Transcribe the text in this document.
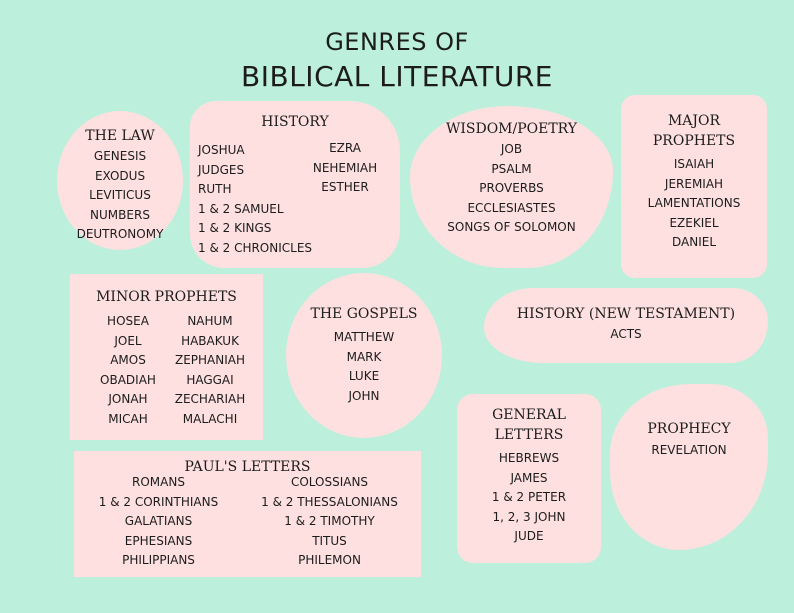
GENRES OF
BIBLICAL LITERATURE
THE LAW
GENESIS
EXODUS
LEVITICUS
NUMBERS
DEUTRONOMY
HISTORY
JOSHUA
JUDGES
RUTH
1 & 2 SAMUEL
1 & 2 KINGS
1 & 2 CHRONICLES
EZRA
NEHEMIAH
ESTHER
WISDOM/POETRY
JOB
PSALM
PROVERBS
ECCLESIASTES
SONGS OF SOLOMON
MAJOR
PROPHETS
ISAIAH
JEREMIAH
LAMENTATIONS
EZEKIEL
DANIEL
MINOR PROPHETS
HOSEA
JOEL
AMOS
OBADIAH
JONAH
MICAH
NAHUM
HABAKUK
ZEPHANIAH
HAGGAI
ZECHARIAH
MALACHI
THE GOSPELS
MATTHEW
MARK
LUKE
JOHN
HISTORY (NEW TESTAMENT)
ACTS
PAUL'S LETTERS
ROMANS
1 & 2 CORINTHIANS
GALATIANS
EPHESIANS
PHILIPPIANS
COLOSSIANS
1 & 2 THESSALONIANS
1 & 2 TIMOTHY
TITUS
PHILEMON
GENERAL
LETTERS
HEBREWS
JAMES
1 & 2 PETER
1, 2, 3 JOHN
JUDE
PROPHECY
REVELATION
